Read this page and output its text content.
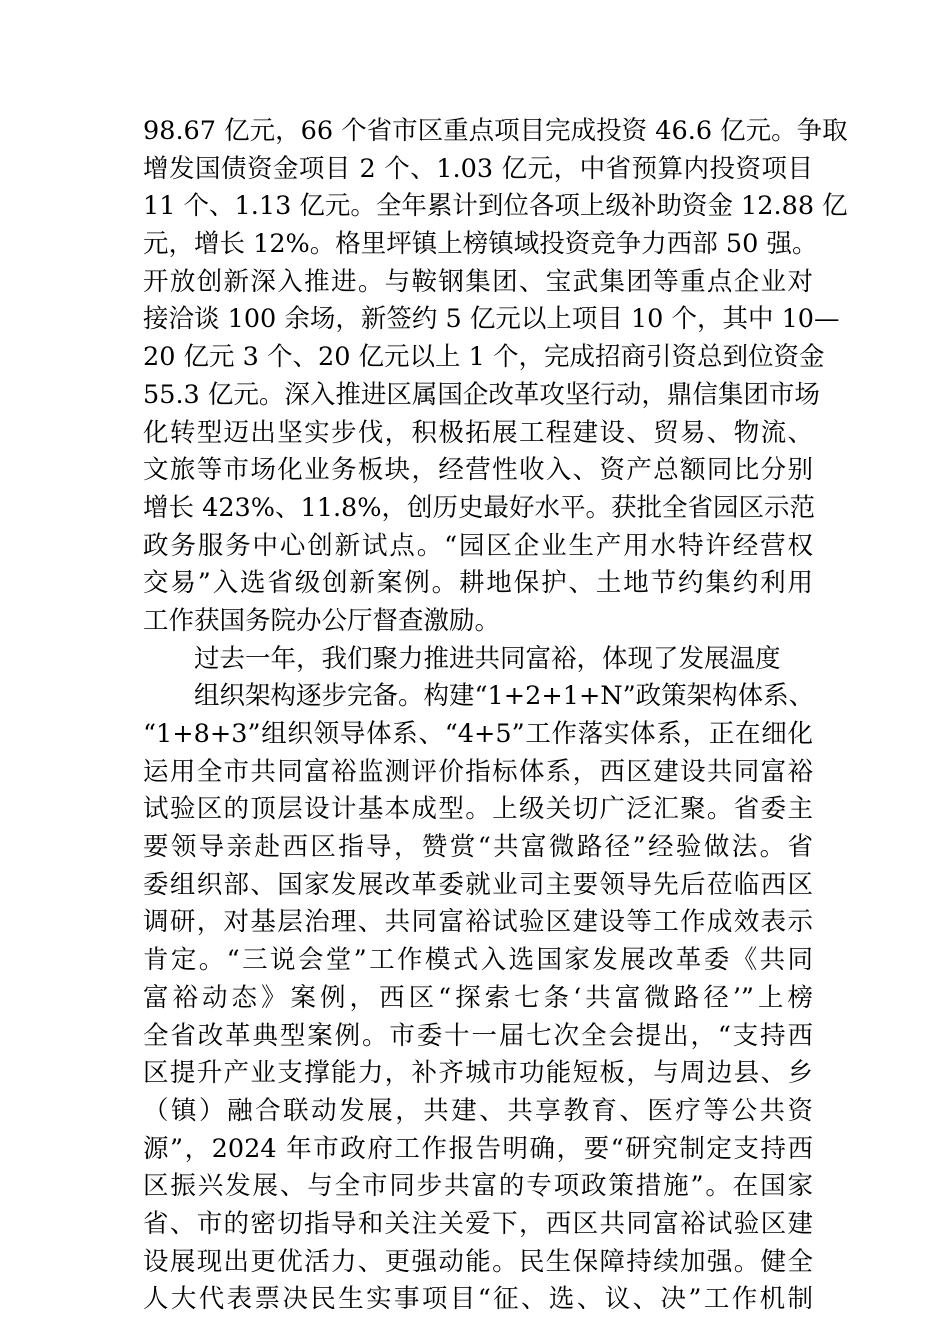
98.67 亿元，66 个省市区重点项目完成投资 46.6 亿元。争取
增发国债资金项目 2 个、1.03 亿元，中省预算内投资项目
11 个、1.13 亿元。全年累计到位各项上级补助资金 12.88 亿
元，增长 12%。格里坪镇上榜镇域投资竞争力西部 50 强。
开放创新深入推进。与鞍钢集团、宝武集团等重点企业对
接洽谈 100 余场，新签约 5 亿元以上项目 10 个，其中 10—
20 亿元 3 个、20 亿元以上 1 个，完成招商引资总到位资金
55.3 亿元。深入推进区属国企改革攻坚行动，鼎信集团市场
化转型迈出坚实步伐，积极拓展工程建设、贸易、物流、
文旅等市场化业务板块，经营性收入、资产总额同比分别
增长 423%、11.8%，创历史最好水平。获批全省园区示范
政务服务中心创新试点。“园区企业生产用水特许经营权
交易”入选省级创新案例。耕地保护、土地节约集约利用
工作获国务院办公厅督查激励。
过去一年，我们聚力推进共同富裕，体现了发展温度
组织架构逐步完备。构建“1+2+1+N”政策架构体系、
“1+8+3”组织领导体系、“4+5”工作落实体系，正在细化
运用全市共同富裕监测评价指标体系，西区建设共同富裕
试验区的顶层设计基本成型。上级关切广泛汇聚。省委主
要领导亲赴西区指导，赞赏“共富微路径”经验做法。省
委组织部、国家发展改革委就业司主要领导先后莅临西区
调研，对基层治理、共同富裕试验区建设等工作成效表示
肯定。“三说会堂”工作模式入选国家发展改革委《共同
富裕动态》案例，西区“探索七条‘共富微路径’”上榜
全省改革典型案例。市委十一届七次全会提出，“支持西
区提升产业支撑能力，补齐城市功能短板，与周边县、乡
（镇）融合联动发展，共建、共享教育、医疗等公共资
源”，2024 年市政府工作报告明确，要“研究制定支持西
区振兴发展、与全市同步共富的专项政策措施”。在国家
省、市的密切指导和关注关爱下，西区共同富裕试验区建
设展现出更优活力、更强动能。民生保障持续加强。健全
人大代表票决民生实事项目“征、选、议、决”工作机制
